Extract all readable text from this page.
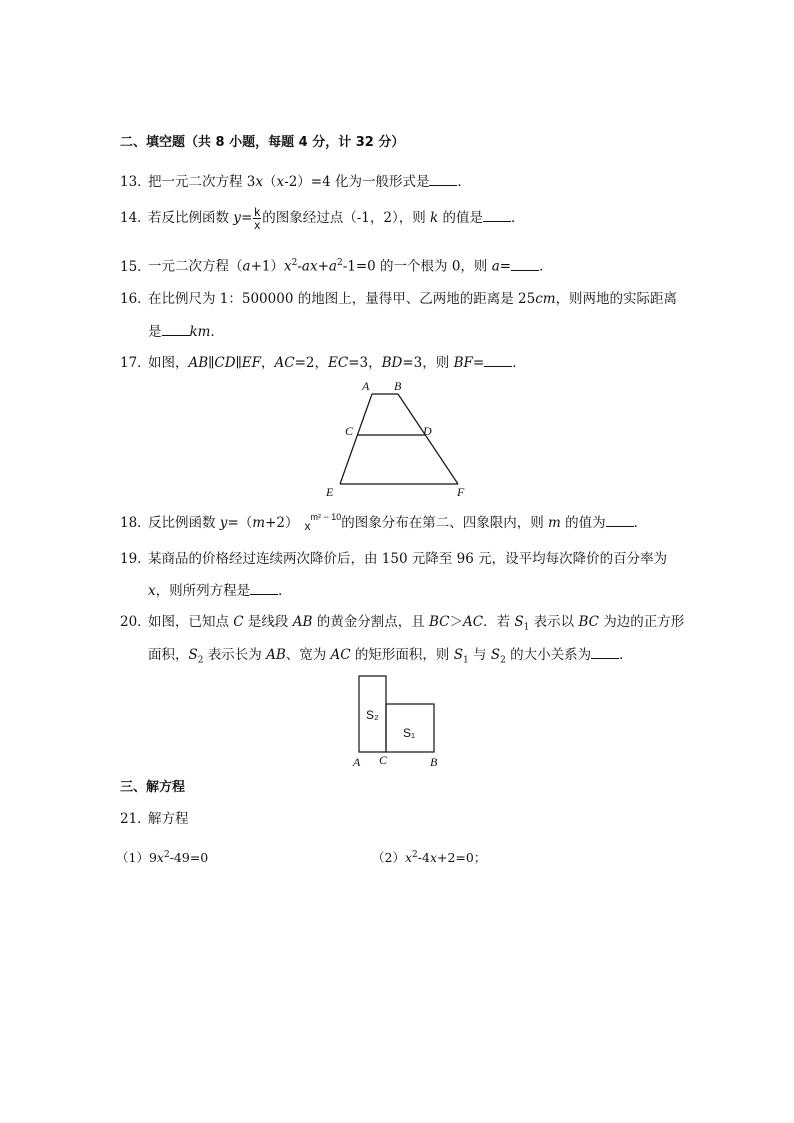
二、填空题（共 8 小题，每题 4 分，计 32 分）
13．把一元二次方程 3x（x-2）=4 化为一般形式是 ．
14．若反比例函数 $y= \frac{k}{x}$ 的图象经过点（-1，2），则 k 的值是 ．
15．一元二次方程$(a+1)x^2-ax+a^2-1=0$ 的一个根为 0，则 a= ．
16．在比例尺为 1：500000 的地图上，量得甲、乙两地的距离是 25cm，则两地的实际距离
是 km．
17．如图，AB∥CD∥EF，AC=2，EC=3，BD=3，则 BF= ．
A B
C	D
E	F
18．反比例函数 y=（m+2） $x^{m^2 - 10}$的图象分布在第二、四象限内，则 m 的值为 ．
19．某商品的价格经过连续两次降价后，由 150 元降至 96 元，设平均每次降价的百分率为
x，则所列方程是 ．
20．如图，已知点 C 是线段 AB 的黄金分割点，且 BC＞AC．若 $S_1$ 表示以 BC 为边的正方形
面积，$S_2$ 表示长为 AB、宽为 AC 的矩形面积，则 $S_1$ 与 $S_2$ 的大小关系为 ．
S₂
S₁
A C	B
三、解方程
21．解方程
$(1)9x^2-49=0$	$(2)x^2-4x+2=0$；
